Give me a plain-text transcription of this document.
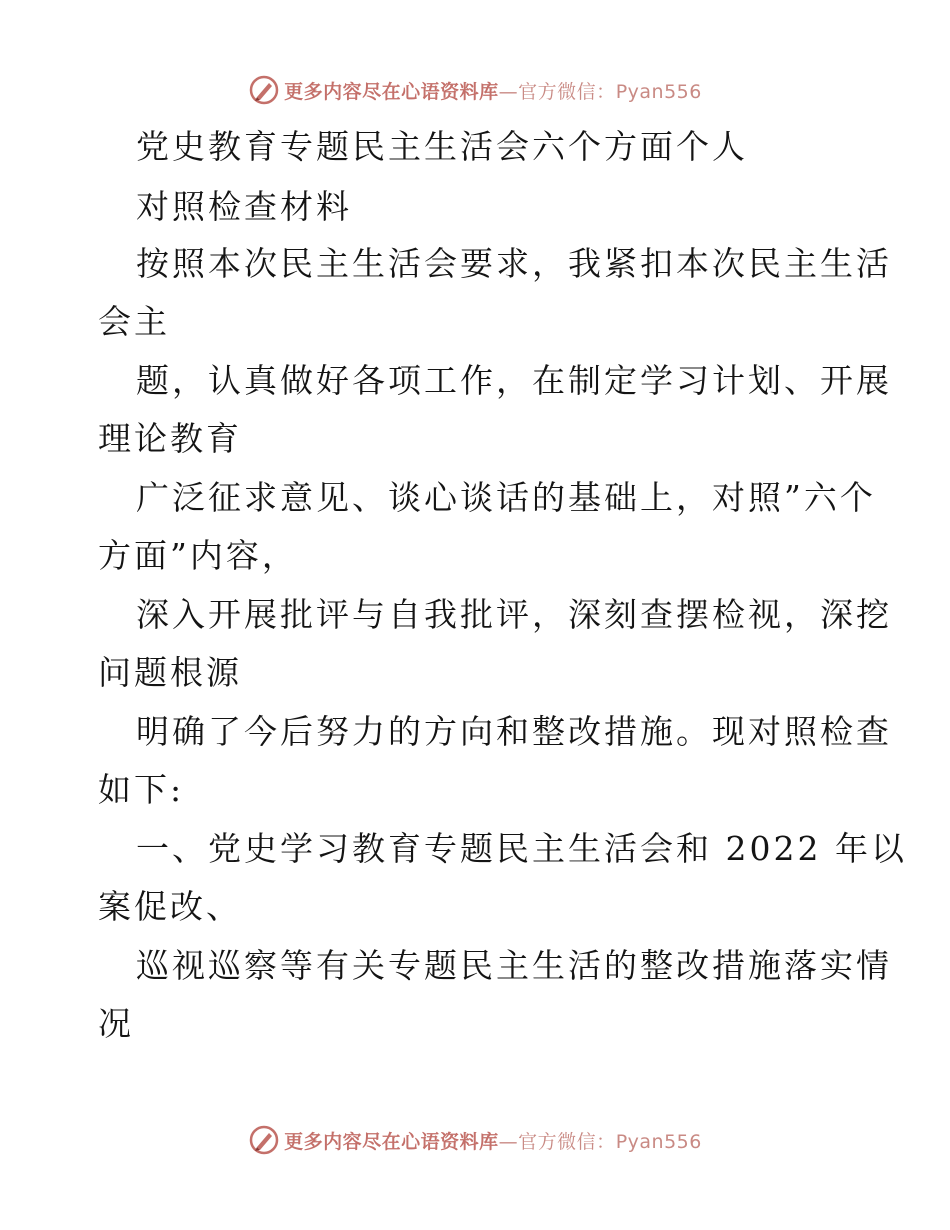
更多内容尽在心语资料库—官方微信：Pyan556
党史教育专题民主生活会六个方面个人
对照检查材料
按照本次民主生活会要求，我紧扣本次民主生活
会主
题，认真做好各项工作，在制定学习计划、开展
理论教育
广泛征求意见、谈心谈话的基础上，对照”六个
方面”内容，
深入开展批评与自我批评，深刻查摆检视，深挖
问题根源
明确了今后努力的方向和整改措施。现对照检查
如下:
一、党史学习教育专题民主生活会和 2022 年以
案促改、
巡视巡察等有关专题民主生活的整改措施落实情
况
更多内容尽在心语资料库—官方微信：Pyan556
